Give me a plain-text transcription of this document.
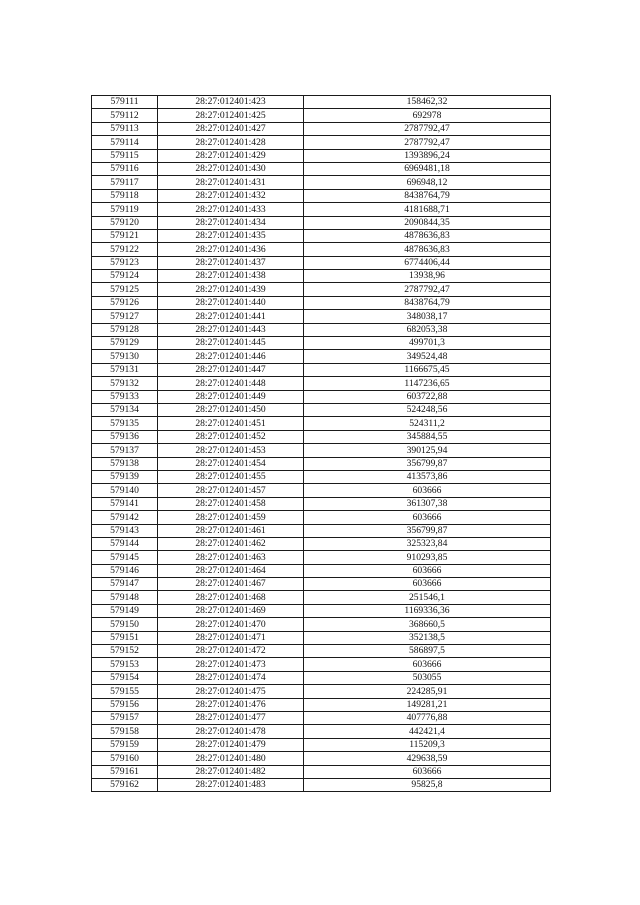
579111	28:27:012401:423	158462,32
579112	28:27:012401:425	692978
579113	28:27:012401:427	2787792,47
579114	28:27:012401:428	2787792,47
579115	28:27:012401:429	1393896,24
579116	28:27:012401:430	6969481,18
579117	28:27:012401:431	696948,12
579118	28:27:012401:432	8438764,79
579119	28:27:012401:433	4181688,71
579120	28:27:012401:434	2090844,35
579121	28:27:012401:435	4878636,83
579122	28:27:012401:436	4878636,83
579123	28:27:012401:437	6774406,44
579124	28:27:012401:438	13938,96
579125	28:27:012401:439	2787792,47
579126	28:27:012401:440	8438764,79
579127	28:27:012401:441	348038,17
579128	28:27:012401:443	682053,38
579129	28:27:012401:445	499701,3
579130	28:27:012401:446	349524,48
579131	28:27:012401:447	1166675,45
579132	28:27:012401:448	1147236,65
579133	28:27:012401:449	603722,88
579134	28:27:012401:450	524248,56
579135	28:27:012401:451	524311,2
579136	28:27:012401:452	345884,55
579137	28:27:012401:453	390125,94
579138	28:27:012401:454	356799,87
579139	28:27:012401:455	413573,86
579140	28:27:012401:457	603666
579141	28:27:012401:458	361307,38
579142	28:27:012401:459	603666
579143	28:27:012401:461	356799,87
579144	28:27:012401:462	325323,84
579145	28:27:012401:463	910293,85
579146	28:27:012401:464	603666
579147	28:27:012401:467	603666
579148	28:27:012401:468	251546,1
579149	28:27:012401:469	1169336,36
579150	28:27:012401:470	368660,5
579151	28:27:012401:471	352138,5
579152	28:27:012401:472	586897,5
579153	28:27:012401:473	603666
579154	28:27:012401:474	503055
579155	28:27:012401:475	224285,91
579156	28:27:012401:476	149281,21
579157	28:27:012401:477	407776,88
579158	28:27:012401:478	442421,4
579159	28:27:012401:479	115209,3
579160	28:27:012401:480	429638,59
579161	28:27:012401:482	603666
579162	28:27:012401:483	95825,8
